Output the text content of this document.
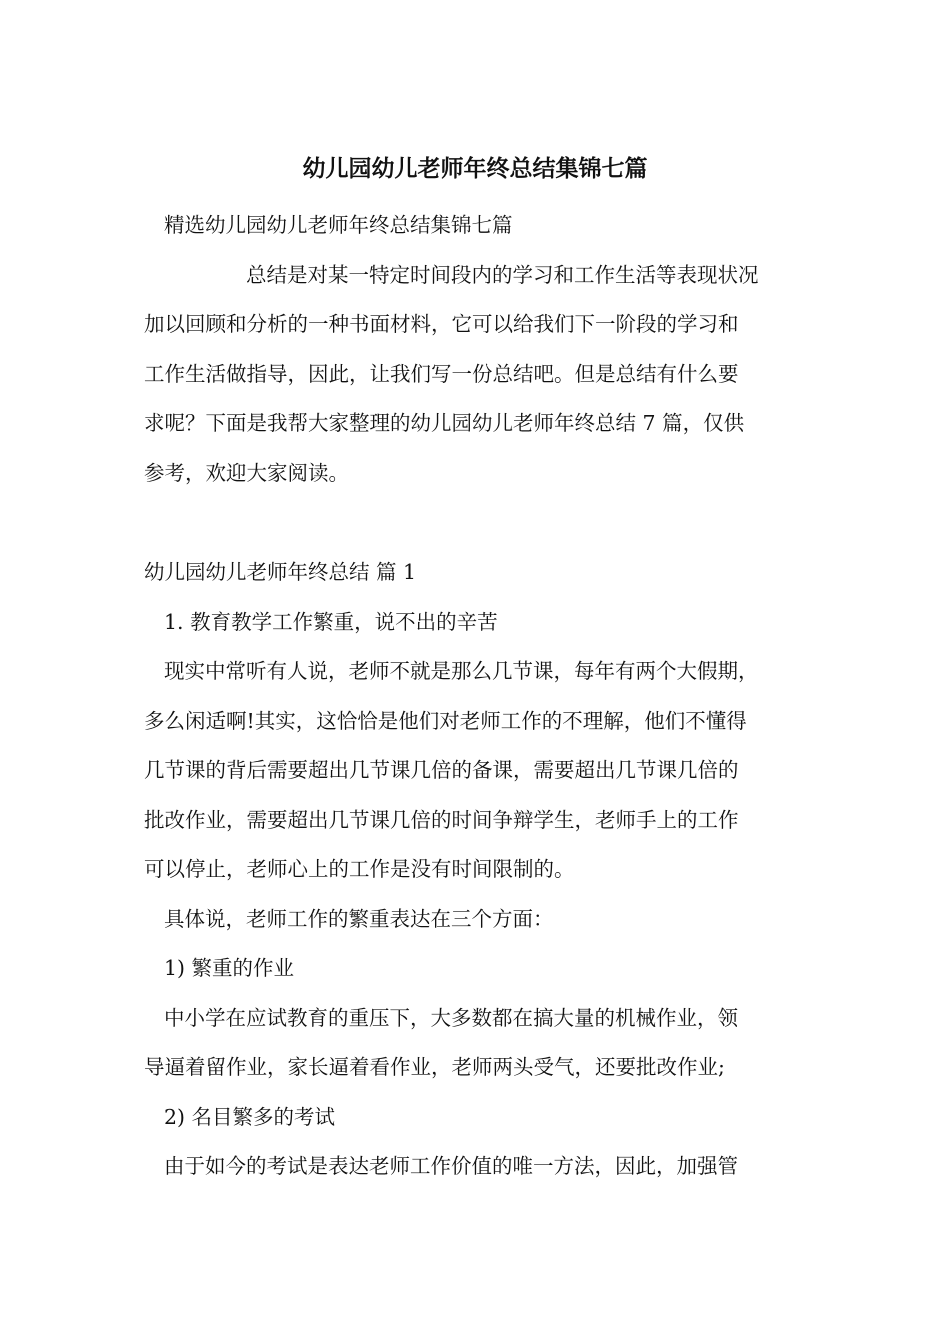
幼儿园幼儿老师年终总结集锦七篇

精选幼儿园幼儿老师年终总结集锦七篇

总结是对某一特定时间段内的学习和工作生活等表现状况

加以回顾和分析的一种书面材料，它可以给我们下一阶段的学习和

工作生活做指导，因此，让我们写一份总结吧。但是总结有什么要

求呢？下面是我帮大家整理的幼儿园幼儿老师年终总结 7 篇，仅供

参考，欢迎大家阅读。

幼儿园幼儿老师年终总结 篇 1

1. 教育教学工作繁重，说不出的辛苦

现实中常听有人说，老师不就是那么几节课，每年有两个大假期，

多么闲适啊!其实，这恰恰是他们对老师工作的不理解，他们不懂得

几节课的背后需要超出几节课几倍的备课，需要超出几节课几倍的

批改作业，需要超出几节课几倍的时间争辩学生，老师手上的工作

可以停止，老师心上的工作是没有时间限制的。

具体说，老师工作的繁重表达在三个方面：

1) 繁重的作业

中小学在应试教育的重压下，大多数都在搞大量的机械作业，领

导逼着留作业，家长逼着看作业，老师两头受气，还要批改作业;

2) 名目繁多的考试

由于如今的考试是表达老师工作价值的唯一方法，因此，加强管
